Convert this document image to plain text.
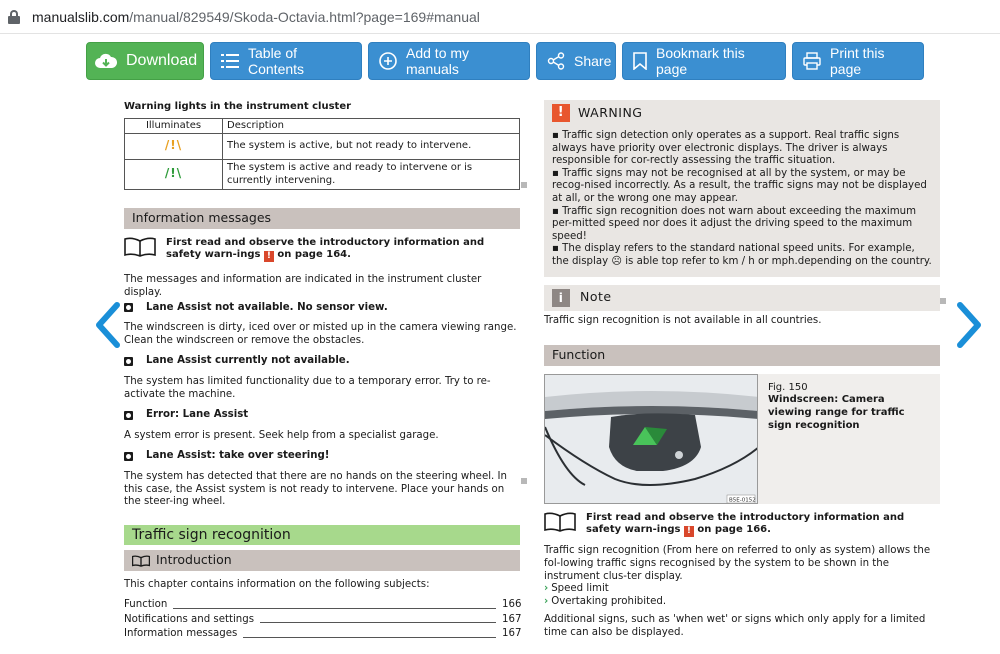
manualslib.com/manual/829549/Skoda-Octavia.html?page=169#manual
Download	Table of Contents
Add to my manuals	Share	Bookmark this page
Print this page
Warning lights in the instrument cluster
Illuminates	Description
/!\	The system is active, but not ready to intervene.
/!\	The system is active and ready to intervene or is currently intervening.
Information messages
First read and observe the introductory information and safety warn-ings ! on page 164.
The messages and information are indicated in the instrument cluster display.
Lane Assist not available. No sensor view.
The windscreen is dirty, iced over or misted up in the camera viewing range. Clean the windscreen or remove the obstacles.
Lane Assist currently not available.
The system has limited functionality due to a temporary error. Try to re-activate the machine.
Error: Lane Assist
A system error is present. Seek help from a specialist garage.
Lane Assist: take over steering!
The system has detected that there are no hands on the steering wheel. In this case, the Assist system is not ready to intervene. Place your hands on the steer-ing wheel.
Traffic sign recognition
Introduction
This chapter contains information on the following subjects:
Function	166
Notifications and settings	167
Information messages	167
!	WARNING
▪ Traffic sign detection only operates as a support. Real traffic signs always have priority over electronic displays. The driver is always responsible for cor-rectly assessing the traffic situation.
▪ Traffic signs may not be recognised at all by the system, or may be recog-nised incorrectly. As a result, the traffic signs may not be displayed at all, or the wrong one may appear.
▪ Traffic sign recognition does not warn about exceeding the maximum per-mitted speed nor does it adjust the driving speed to the maximum speed!
▪ The display refers to the standard national speed units. For example, the display ☹ is able top refer to km / h or mph.depending on the country.
i	Note
Traffic sign recognition is not available in all countries.
Function
B5E-0152
Fig. 150
Windscreen: Camera viewing range for traffic sign recognition
First read and observe the introductory information and safety warn-ings ! on page 166.
Traffic sign recognition (From here on referred to only as system) allows the fol-lowing traffic signs recognised by the system to be shown in the instrument clus-ter display.
› Speed limit
› Overtaking prohibited.
Additional signs, such as 'when wet' or signs which only apply for a limited time can also be displayed.
